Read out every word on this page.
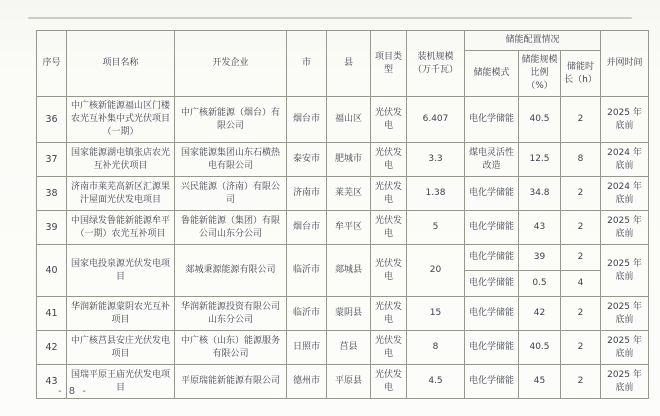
序号	项目名称	开发企业	市	县	项目类型	装机规模（万千瓦）	储能配置情况			并网时间
							储能模式	储能规模比例（%）	储能时长（h）	
36	中广核新能源福山区门楼农光互补集中式光伏项目（一期）	中广核新能源（烟台）有限公司	烟台市	福山区	光伏发电	6.407	电化学储能	40.5	2	2025 年底前
37	国家能源湖屯镇张店农光互补光伏项目	国家能源集团山东石横热电有限公司	泰安市	肥城市	光伏发电	3.3	煤电灵活性改造	12.5	8	2024 年底前
38	济南市莱芜高新区汇源果汁屋面光伏发电项目	兴民能源（济南）有限公司	济南市	莱芜区	光伏发电	1.38	电化学储能	34.8	2	2024 年底前
39	中国绿发鲁能新能源牟平（一期）农光互补项目	鲁能新能源（集团）有限公司山东分公司	烟台市	牟平区	光伏发电	5	电化学储能	43	2	2025 年底前
40	国家电投泉源光伏发电项目	郯城秉源能源有限公司	临沂市	郯城县	光伏发电	20	电化学储能	39	2	2025 年底前
							电化学储能	0.5	4	
41	华润新能源蒙阴农光互补项目	华润新能源投资有限公司山东分公司	临沂市	蒙阴县	光伏发电	15	电化学储能	42	2	2025 年底前
42	中广核莒县安庄光伏发电项目	中广核（山东）能源服务有限公司	日照市	莒县	光伏发电	8	电化学储能	40.5	2	2025 年底前
43	国瑞平原王庙光伏发电项目	平原瑞能新能源有限公司	德州市	平原县	光伏发电	4.5	电化学储能	45	2	2025 年底前
- 8 -
